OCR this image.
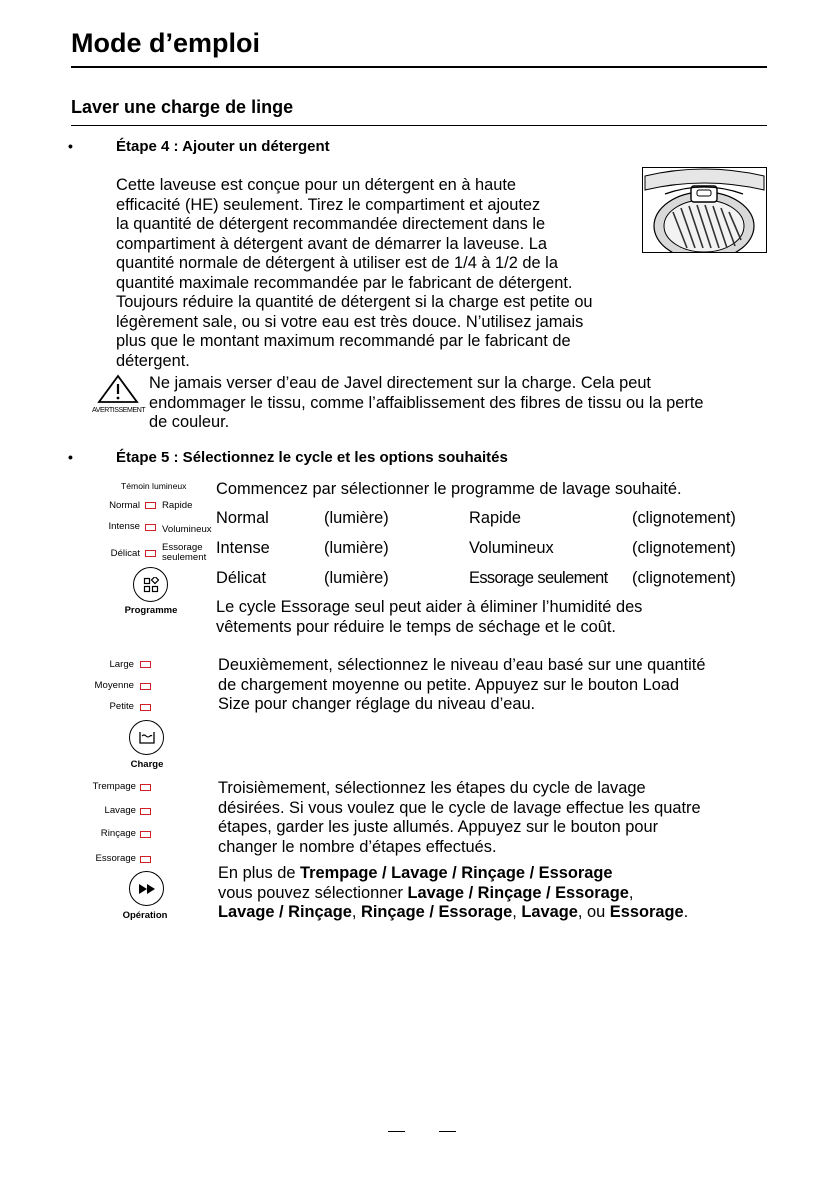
Mode d’emploi
Laver une charge de linge
•	Étape 4 : Ajouter un détergent
Cette laveuse est conçue pour un détergent en à haute
efficacité (HE) seulement. Tirez le compartiment et ajoutez
la quantité de détergent recommandée directement dans le
compartiment à détergent avant de démarrer la laveuse. La
quantité normale de détergent à utiliser est de 1/4 à 1/2 de la
quantité maximale recommandée par le fabricant de détergent.
Toujours réduire la quantité de détergent si la charge est petite ou
légèrement sale, ou si votre eau est très douce. N’utilisez jamais
plus que le montant maximum recommandé par le fabricant de
détergent.
AVERTISSEMENT
Ne jamais verser d’eau de Javel directement sur la charge. Cela peut
endommager le tissu, comme l’affaiblissement des fibres de tissu ou la perte
de couleur.
•	Étape 5 : Sélectionnez le cycle et les options souhaités
Témoin lumineux
Normal Rapide
Intense Volumineux
Délicat
Essorage
seulement
Programme
Commencez par sélectionner le programme de lavage souhaité.
Normal	(lumière)	Rapide	(clignotement)
Intense	(lumière)	Volumineux	(clignotement)
Délicat	(lumière)	Essorage seulement (clignotement)
Le cycle Essorage seul peut aider à éliminer l’humidité des
vêtements pour réduire le temps de séchage et le coût.
Large
Moyenne
Petite
Charge
Deuxièmement, sélectionnez le niveau d’eau basé sur une quantité
de chargement moyenne ou petite. Appuyez sur le bouton Load
Size pour changer réglage du niveau d’eau.
Trempage
Lavage
Rinçage
Essorage
Opération
Troisièmement, sélectionnez les étapes du cycle de lavage
désirées. Si vous voulez que le cycle de lavage effectue les quatre
étapes, garder les juste allumés. Appuyez sur le bouton pour
changer le nombre d’étapes effectués.
En plus de Trempage / Lavage / Rinçage / Essorage
vous pouvez sélectionner Lavage / Rinçage / Essorage,
Lavage / Rinçage, Rinçage / Essorage, Lavage, ou Essorage.
